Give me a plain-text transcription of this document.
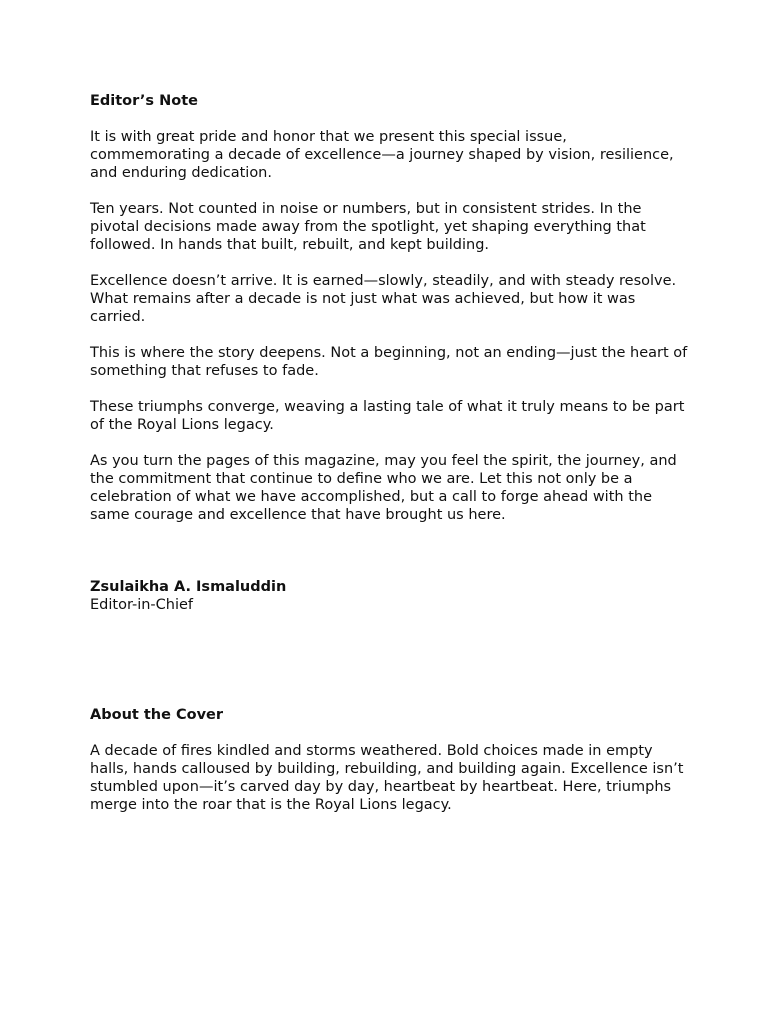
Editor’s Note

It is with great pride and honor that we present this special issue, commemorating a decade of excellence—a journey shaped by vision, resilience, and enduring dedication.

Ten years. Not counted in noise or numbers, but in consistent strides. In the pivotal decisions made away from the spotlight, yet shaping everything that followed. In hands that built, rebuilt, and kept building.

Excellence doesn’t arrive. It is earned—slowly, steadily, and with steady resolve. What remains after a decade is not just what was achieved, but how it was carried.

This is where the story deepens. Not a beginning, not an ending—just the heart of something that refuses to fade.

These triumphs converge, weaving a lasting tale of what it truly means to be part of the Royal Lions legacy.

As you turn the pages of this magazine, may you feel the spirit, the journey, and the commitment that continue to define who we are. Let this not only be a celebration of what we have accomplished, but a call to forge ahead with the same courage and excellence that have brought us here.

Zsulaikha A. Ismaluddin
Editor-in-Chief
About the Cover

A decade of fires kindled and storms weathered. Bold choices made in empty halls, hands calloused by building, rebuilding, and building again. Excellence isn’t stumbled upon—it’s carved day by day, heartbeat by heartbeat. Here, triumphs merge into the roar that is the Royal Lions legacy.
